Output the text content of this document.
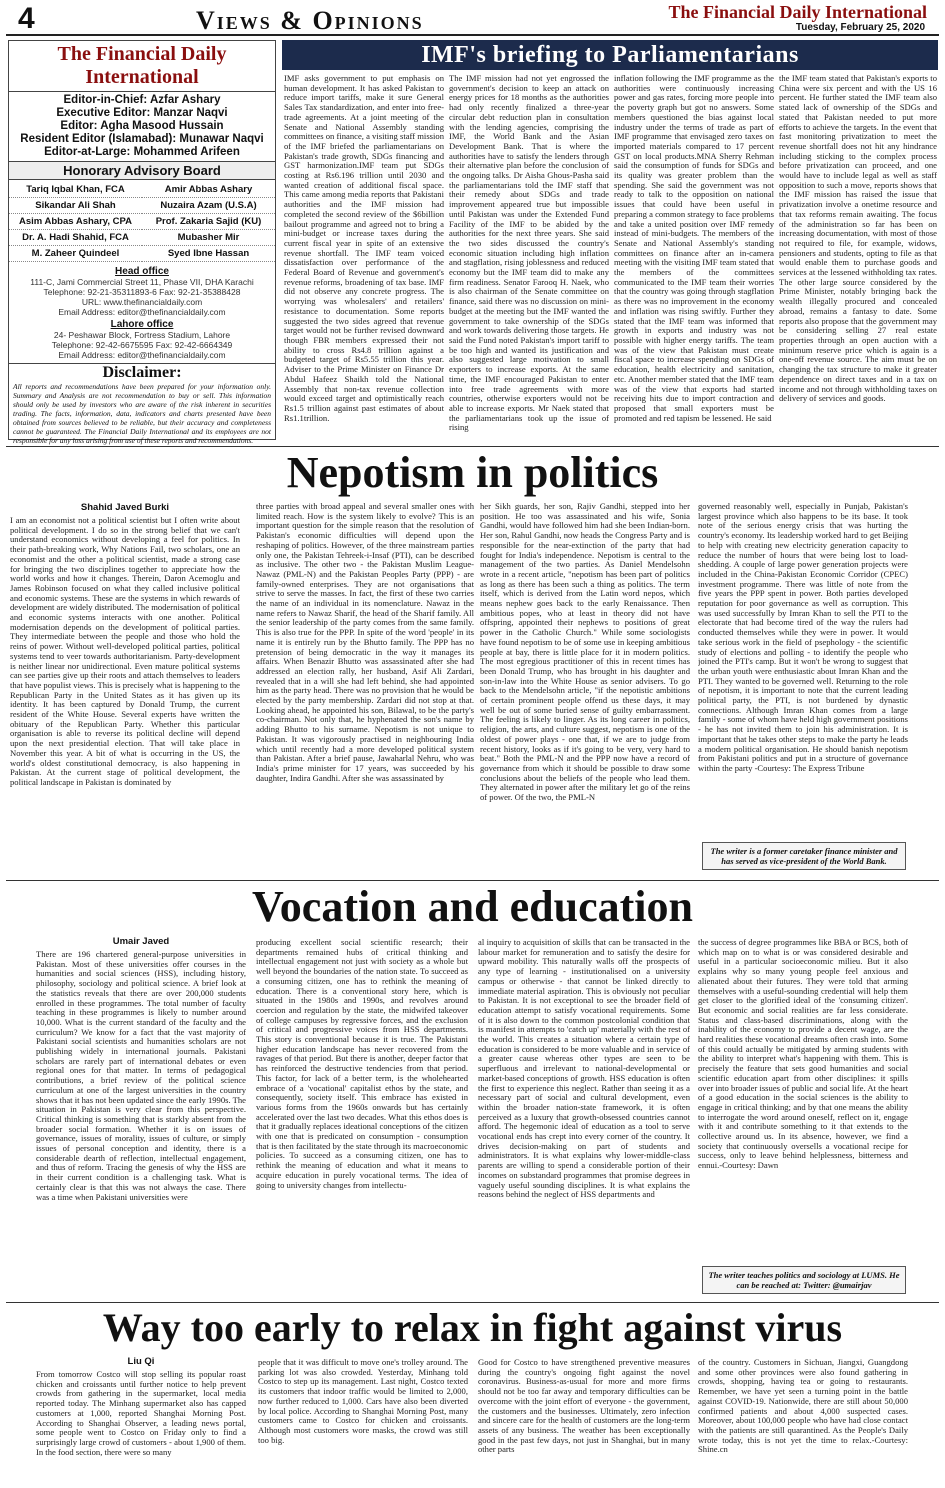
4	Views & Opinions	The Financial Daily International
Tuesday, February 25, 2020
The Financial Daily International
Editor-in-Chief: Azfar Ashary
Executive Editor: Manzar Naqvi
Editor: Agha Masood Hussain
Resident Editor (Islamabad): Munawar Naqvi
Editor-at-Large: Mohammed Arifeen
Honorary Advisory Board
Tariq Iqbal Khan, FCA	Amir Abbas Ashary
Sikandar Ali Shah	Nuzaira Azam (U.S.A)
Asim Abbas Ashary, CPA	Prof. Zakaria Sajid (KU)
Dr. A. Hadi Shahid, FCA	Mubasher Mir
M. Zaheer Quindeel	Syed Ibne Hassan
Head office
111-C, Jami Commercial Street 11, Phase VII, DHA Karachi
Telephone: 92-21-35311893-6 Fax: 92-21-35388428
URL: www.thefinancialdaily.com
Email Address: editor@thefinancialdaily.com
Lahore office
24- Peshawar Block, Fortress Stadium, Lahore
Telephone: 92-42-6675595 Fax: 92-42-6664349
Email Address: editor@thefinancialdaily.com
Disclaimer:
All reports and recommendations have been prepared for your information only. Summary and Analysis are not recommendation to buy or sell. This information should only be used by investors who are aware of the risk inherent in securities trading. The facts, information, data, indicators and charts presented have been obtained from sources believed to be reliable, but their accuracy and completeness cannot be guaranteed. The Financial Daily International and its employees are not responsible for any loss arising from use of these reports and recommendations.
IMF's briefing to Parliamentarians
IMF asks government to put emphasis on human development. It has asked Pakistan to reduce import tariffs, make it sure General Sales Tax standardization, and enter into free-trade agreements. At a joint meeting of the Senate and National Assembly standing committees on finance, a visiting staff mission of the IMF briefed the parliamentarians on Pakistan's trade growth, SDGs financing and GST harmonization.IMF team put SDGs costing at Rs6.196 trillion until 2030 and wanted creation of additional fiscal space. This came among media reports that Pakistani authorities and the IMF mission had completed the second review of the $6billion bailout programme and agreed not to bring a mini-budget or increase taxes during the current fiscal year in spite of an extensive revenue shortfall. The IMF team voiced dissatisfaction over performance of the Federal Board of Revenue and government's revenue reforms, broadening of tax base. IMF did not observe any concrete progress. The worrying was wholesalers' and retailers' resistance to documentation. Some reports suggested the two sides agreed that revenue target would not be further revised downward though FBR members expressed their not ability to cross Rs4.8 trillion against a budgeted target of Rs5.55 trillion this year. Adviser to the Prime Minister on Finance Dr Abdul Hafeez Shaikh told the National Assembly that non-tax revenue collection would exceed target and optimistically reach Rs1.5 trillion against past estimates of about Rs1.1trillion.
The IMF mission had not yet engrossed the government's decision to keep an attack on energy prices for 18 months as the authorities had only recently finalized a three-year circular debt reduction plan in consultation with the lending agencies, comprising the IMF, the World Bank and the Asian Development Bank. That is where the authorities have to satisfy the lenders through their alternative plan before the conclusion of the ongoing talks. Dr Aisha Ghous-Pasha said the parliamentarians told the IMF staff that their remedy about SDGs and trade improvement appeared true but impossible until Pakistan was under the Extended Fund Facility of the IMF to be abided by the authorities for the next three years. She said the two sides discussed the country's economic situation including high inflation and stagflation, rising joblessness and reduced economy but the IMF team did to make any firm readiness. Senator Farooq H. Naek, who is also chairman of the Senate committee on finance, said there was no discussion on mini-budget at the meeting but the IMF wanted the government to take ownership of the SDGs and work towards delivering those targets. He said the Fund noted Pakistan's import tariff to be too high and wanted its justification and also suggested large motivation to small exporters to increase exports. At the same time, the IMF encouraged Pakistan to enter into free trade agreements with more countries, otherwise exporters would not be able to increase exports. Mr Naek stated that the parliamentarians took up the issue of rising
inflation following the IMF programme as the authorities were continuously increasing power and gas rates, forcing more people into the poverty graph but got no answers. Some members questioned the bias against local industry under the terms of trade as part of IMF programme that envisaged zero taxes on imported materials compared to 17 percent GST on local products.MNA Sherry Rehman said the consumption of funds for SDGs and its quality was greater problem than the spending. She said the government was not ready to talk to the opposition on national issues that could have been useful in preparing a common strategy to face problems and take a united position over IMF remedy instead of mini-budgets. The members of the Senate and National Assembly's standing committees on finance after an in-camera meeting with the visiting IMF team stated that the members of the committees communicated to the IMF team their worries that the country was going through stagflation as there was no improvement in the economy and inflation was rising swiftly. Further they stated that the IMF team was informed that growth in exports and industry was not possible with higher energy tariffs. The team was of the view that Pakistan must create fiscal space to increase spending on SDGs of education, health electricity and sanitation, etc. Another member stated that the IMF team was of the view that exports had started receiving hits due to import contraction and proposed that small exporters must be promoted and red tapism be lessened. He said
the IMF team stated that Pakistan's exports to China were six percent and with the US 16 percent. He further stated the IMF team also stated lack of ownership of the SDGs and stated that Pakistan needed to put more efforts to achieve the targets. In the event that fast monitoring privatization to meet the revenue shortfall does not hit any hindrance including sticking to the complex process before privatization can proceed, and one would have to include legal as well as staff opposition to such a move, reports shows that the IMF mission has raised the issue that privatization involve a onetime resource and that tax reforms remain awaiting. The focus of the administration so far has been on increasing documentation, with most of those not required to file, for example, widows, pensioners and students, opting to file as that would enable them to purchase goods and services at the lessened withholding tax rates. The other large source considered by the Prime Minister, notably bringing back the wealth illegally procured and concealed abroad, remains a fantasy to date. Some reports also propose that the government may be considering selling 27 real estate properties through an open auction with a minimum reserve price which is again is a one-off revenue source. The aim must be on changing the tax structure to make it greater dependence on direct taxes and in a tax on income and not through withholding taxes on delivery of services and goods.
Nepotism in politics
Shahid Javed Burki
I am an economist not a political scientist but I often write about political development. I do so in the strong belief that we can't understand economics without developing a feel for politics. In their path-breaking work, Why Nations Fail, two scholars, one an economist and the other a political scientist, made a strong case for bringing the two disciplines together to appreciate how the world works and how it changes. Therein, Daron Acemoglu and James Robinson focused on what they called inclusive political and economic systems. These are the systems in which rewards of development are widely distributed. The modernisation of political and economic systems interacts with one another. Political modernisation depends on the development of political parties. They intermediate between the people and those who hold the reins of power. Without well-developed political parties, political systems tend to veer towards authoritarianism. Party-development is neither linear nor unidirectional. Even mature political systems can see parties give up their roots and attach themselves to leaders that have populist views. This is precisely what is happening to the Republican Party in the United States as it has given up its identity. It has been captured by Donald Trump, the current resident of the White House. Several experts have written the obituary of the Republican Party. Whether this particular organisation is able to reverse its political decline will depend upon the next presidential election. That will take place in November this year. A bit of what is occurring in the US, the world's oldest constitutional democracy, is also happening in Pakistan. At the current stage of political development, the political landscape in Pakistan is dominated by
three parties with broad appeal and several smaller ones with limited reach. How is the system likely to evolve? This is an important question for the simple reason that the resolution of Pakistan's economic difficulties will depend upon the reshaping of politics. However, of the three mainstream parties only one, the Pakistan Tehreek-i-Insaf (PTI), can be described as inclusive. The other two - the Pakistan Muslim League-Nawaz (PML-N) and the Pakistan Peoples Party (PPP) - are family-owned enterprises. They are not organisations that strive to serve the masses. In fact, the first of these two carries the name of an individual in its nomenclature. Nawaz in the name refers to Nawaz Sharif, the head of the Sharif family. All the senior leadership of the party comes from the same family. This is also true for the PPP. In spite of the word 'people' in its name it is entirely run by the Bhutto family. The PPP has no pretension of being democratic in the way it manages its affairs. When Benazir Bhutto was assassinated after she had addressed an election rally, her husband, Asif Ali Zardari, revealed that in a will she had left behind, she had appointed him as the party head. There was no provision that he would be elected by the party membership. Zardari did not stop at that. Looking ahead, he appointed his son, Bilawal, to be the party's co-chairman. Not only that, he hyphenated the son's name by adding Bhutto to his surname. Nepotism is not unique to Pakistan. It was vigorously practised in neighbouring India which until recently had a more developed political system than Pakistan. After a brief pause, Jawaharlal Nehru, who was India's prime minister for 17 years, was succeeded by his daughter, Indira Gandhi. After she was assassinated by
her Sikh guards, her son, Rajiv Gandhi, stepped into her position. He too was assassinated and his wife, Sonia Gandhi, would have followed him had she been Indian-born. Her son, Rahul Gandhi, now heads the Congress Party and is responsible for the near-extinction of the party that had fought for India's independence. Nepotism is central to the management of the two parties. As Daniel Mendelsohn wrote in a recent article, "nepotism has been part of politics as long as there has been such a thing as politics. The term itself, which is derived from the Latin word nepos, which means nephew goes back to the early Renaissance. Then ambitious popes, who at least in theory did not have offspring, appointed their nephews to positions of great power in the Catholic Church." While some sociologists have found nepotism to be of some use in keeping ambitious people at bay, there is little place for it in modern politics. The most egregious practitioner of this in recent times has been Donald Trump, who has brought in his daughter and son-in-law into the White House as senior advisers. To go back to the Mendelsohn article, "if the nepotistic ambitions of certain prominent people offend us these days, it may well be out of some buried sense of guilty embarrassment. The feeling is likely to linger. As its long career in politics, religion, the arts, and culture suggest, nepotism is one of the oldest of power plays - one that, if we are to judge from recent history, looks as if it's going to be very, very hard to beat." Both the PML-N and the PPP now have a record of governance from which it should be possible to draw some conclusions about the beliefs of the people who lead them. They alternated in power after the military let go of the reins of power. Of the two, the PML-N
governed reasonably well, especially in Punjab, Pakistan's largest province which also happens to be its base. It took note of the serious energy crisis that was hurting the country's economy. Its leadership worked hard to get Beijing to help with creating new electricity generation capacity to reduce the number of hours that were being lost to load-shedding. A couple of large power generation projects were included in the China-Pakistan Economic Corridor (CPEC) investment programme. There was little of note from the five years the PPP spent in power. Both parties developed reputation for poor governance as well as corruption. This was used successfully by Imran Khan to sell the PTI to the electorate that had become tired of the way the rulers had conducted themselves while they were in power. It would take serious work in the field of psephology - the scientific study of elections and polling - to identify the people who joined the PTI's camp. But it won't be wrong to suggest that the urban youth were enthusiastic about Imran Khan and the PTI. They wanted to be governed well. Returning to the role of nepotism, it is important to note that the current leading political party, the PTI, is not burdened by dynastic connections. Although Imran Khan comes from a large family - some of whom have held high government positions - he has not invited them to join his administration. It is important that he takes other steps to make the party he leads a modern political organisation. He should banish nepotism from Pakistani politics and put in a structure of governance within the party -Courtesy: The Express Tribune
The writer is a former caretaker finance minister and has served as vice-president of the World Bank.
Vocation and education
Umair Javed
There are 196 chartered general-purpose universities in Pakistan. Most of these universities offer courses in the humanities and social sciences (HSS), including history, philosophy, sociology and political science. A brief look at the statistics reveals that there are over 200,000 students enrolled in these programmes. The total number of faculty teaching in these programmes is likely to number around 10,000. What is the current standard of the faculty and the curriculum? We know for a fact that the vast majority of Pakistani social scientists and humanities scholars are not publishing widely in international journals. Pakistani scholars are rarely part of international debates or even regional ones for that matter. In terms of pedagogical contributions, a brief review of the political science curriculum at one of the largest universities in the country shows that it has not been updated since the early 1990s. The situation in Pakistan is very clear from this perspective. Critical thinking is something that is starkly absent from the broader social formation. Whether it is on issues of governance, issues of morality, issues of culture, or simply issues of personal conception and identity, there is a considerable dearth of reflection, intellectual engagement, and thus of reform. Tracing the genesis of why the HSS are in their current condition is a challenging task. What is certainly clear is that this was not always the case. There was a time when Pakistani universities were
producing excellent social scientific research; their departments remained hubs of critical thinking and intellectual engagement not just with society as a whole but well beyond the boundaries of the nation state. To succeed as a consuming citizen, one has to rethink the meaning of education. There is a conventional story here, which is situated in the 1980s and 1990s, and revolves around coercion and regulation by the state, the midwifed takeover of college campuses by regressive forces, and the exclusion of critical and progressive voices from HSS departments. This story is conventional because it is true. The Pakistani higher education landscape has never recovered from the ravages of that period. But there is another, deeper factor that has reinforced the destructive tendencies from that period. This factor, for lack of a better term, is the wholehearted embrace of a 'vocational' capitalist ethos by the state, and consequently, society itself. This embrace has existed in various forms from the 1960s onwards but has certainly accelerated over the last two decades. What this ethos does is that it gradually replaces ideational conceptions of the citizen with one that is predicated on consumption - consumption that is then facilitated by the state through its macroeconomic policies. To succeed as a consuming citizen, one has to rethink the meaning of education and what it means to acquire education in purely vocational terms. The idea of going to university changes from intellectu-
al inquiry to acquisition of skills that can be transacted in the labour market for remuneration and to satisfy the desire for upward mobility. This naturally walls off the prospects of any type of learning - institutionalised on a university campus or otherwise - that cannot be linked directly to immediate material aspiration. This is obviously not peculiar to Pakistan. It is not exceptional to see the broader field of education attempt to satisfy vocational requirements. Some of it is also down to the common postcolonial condition that is manifest in attempts to 'catch up' materially with the rest of the world. This creates a situation where a certain type of education is considered to be more valuable and in service of a greater cause whereas other types are seen to be superfluous and irrelevant to national-developmental or market-based conceptions of growth. HSS education is often the first to experience this neglect. Rather than seeing it as a necessary part of social and cultural development, even within the broader nation-state framework, it is often perceived as a luxury that growth-obsessed countries cannot afford. The hegemonic ideal of education as a tool to serve vocational ends has crept into every corner of the country. It drives decision-making on part of students and administrators. It is what explains why lower-middle-class parents are willing to spend a considerable portion of their incomes on substandard programmes that promise degrees in vaguely useful sounding disciplines. It is what explains the reasons behind the neglect of HSS departments and
the success of degree programmes like BBA or BCS, both of which map on to what is or was considered desirable and useful in a particular socioeconomic milieu. But it also explains why so many young people feel anxious and alienated about their futures. They were told that arming themselves with a useful-sounding credential will help them get closer to the glorified ideal of the 'consuming citizen'. But economic and social realities are far less considerate. Status and class-based discriminations, along with the inability of the economy to provide a decent wage, are the hard realities these vocational dreams often crash into. Some of this could actually be mitigated by arming students with the ability to interpret what's happening with them. This is precisely the feature that sets good humanities and social scientific education apart from other disciplines: it spills over into broader issues of public and social life. At the heart of a good education in the social sciences is the ability to engage in critical thinking; and by that one means the ability to interrogate the word around oneself, reflect on it, engage with it and contribute something to it that extends to the collective around us. In its absence, however, we find a society that continuously oversells a vocational recipe for success, only to leave behind helplessness, bitterness and ennui.-Courtesy: Dawn
The writer teaches politics and sociology at LUMS. He can be reached at: Twitter: @umairjav
Way too early to relax in fight against virus
Liu Qi
From tomorrow Costco will stop selling its popular roast chicken and croissants until further notice to help prevent crowds from gathering in the supermarket, local media reported today. The Minhang supermarket also has capped customers at 1,000, reported Shanghai Morning Post. According to Shanghai Observer, a leading news portal, some people went to Costco on Friday only to find a surprisingly large crowd of customers - about 1,900 of them. In the food section, there were so many
people that it was difficult to move one's trolley around. The parking lot was also crowded. Yesterday, Minhang told Costco to step up its management. Last night, Costco texted its customers that indoor traffic would be limited to 2,000, now further reduced to 1,000. Cars have also been diverted by local police. According to Shanghai Morning Post, many customers came to Costco for chicken and croissants. Although most customers wore masks, the crowd was still too big.
Good for Costco to have strengthened preventive measures during the country's ongoing fight against the novel coronavirus. Business-as-usual for more and more firms should not be too far away and temporary difficulties can be overcome with the joint effort of everyone - the government, the customers and the businesses. Ultimately, zero infection and sincere care for the health of customers are the long-term assets of any business. The weather has been exceptionally good in the past few days, not just in Shanghai, but in many other parts
of the country. Customers in Sichuan, Jiangxi, Guangdong and some other provinces were also found gathering in crowds, shopping, having tea or going to restaurants. Remember, we have yet seen a turning point in the battle against COVID-19. Nationwide, there are still about 50,000 confirmed patients and about 4,000 suspected cases. Moreover, about 100,000 people who have had close contact with the patients are still quarantined. As the People's Daily wrote today, this is not yet the time to relax.-Courtesy: Shine.cn
